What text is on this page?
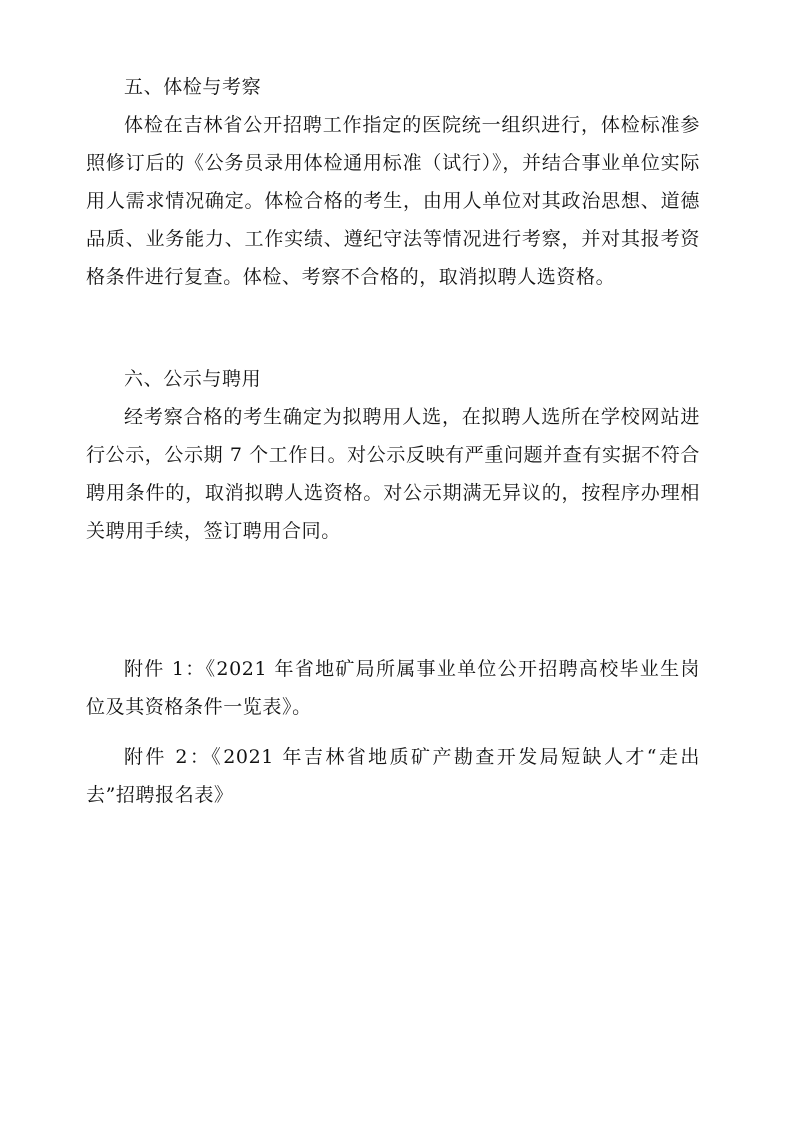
五、体检与考察

体检在吉林省公开招聘工作指定的医院统一组织进行，体检标准参照修订后的《公务员录用体检通用标准（试行）》，并结合事业单位实际用人需求情况确定。体检合格的考生，由用人单位对其政治思想、道德品质、业务能力、工作实绩、遵纪守法等情况进行考察，并对其报考资格条件进行复查。体检、考察不合格的，取消拟聘人选资格。

六、公示与聘用

经考察合格的考生确定为拟聘用人选，在拟聘人选所在学校网站进行公示，公示期 7 个工作日。对公示反映有严重问题并查有实据不符合聘用条件的，取消拟聘人选资格。对公示期满无异议的，按程序办理相关聘用手续，签订聘用合同。

附件 1：《2021 年省地矿局所属事业单位公开招聘高校毕业生岗位及其资格条件一览表》。

附件 2：《2021 年吉林省地质矿产勘查开发局短缺人才“走出去”招聘报名表》
